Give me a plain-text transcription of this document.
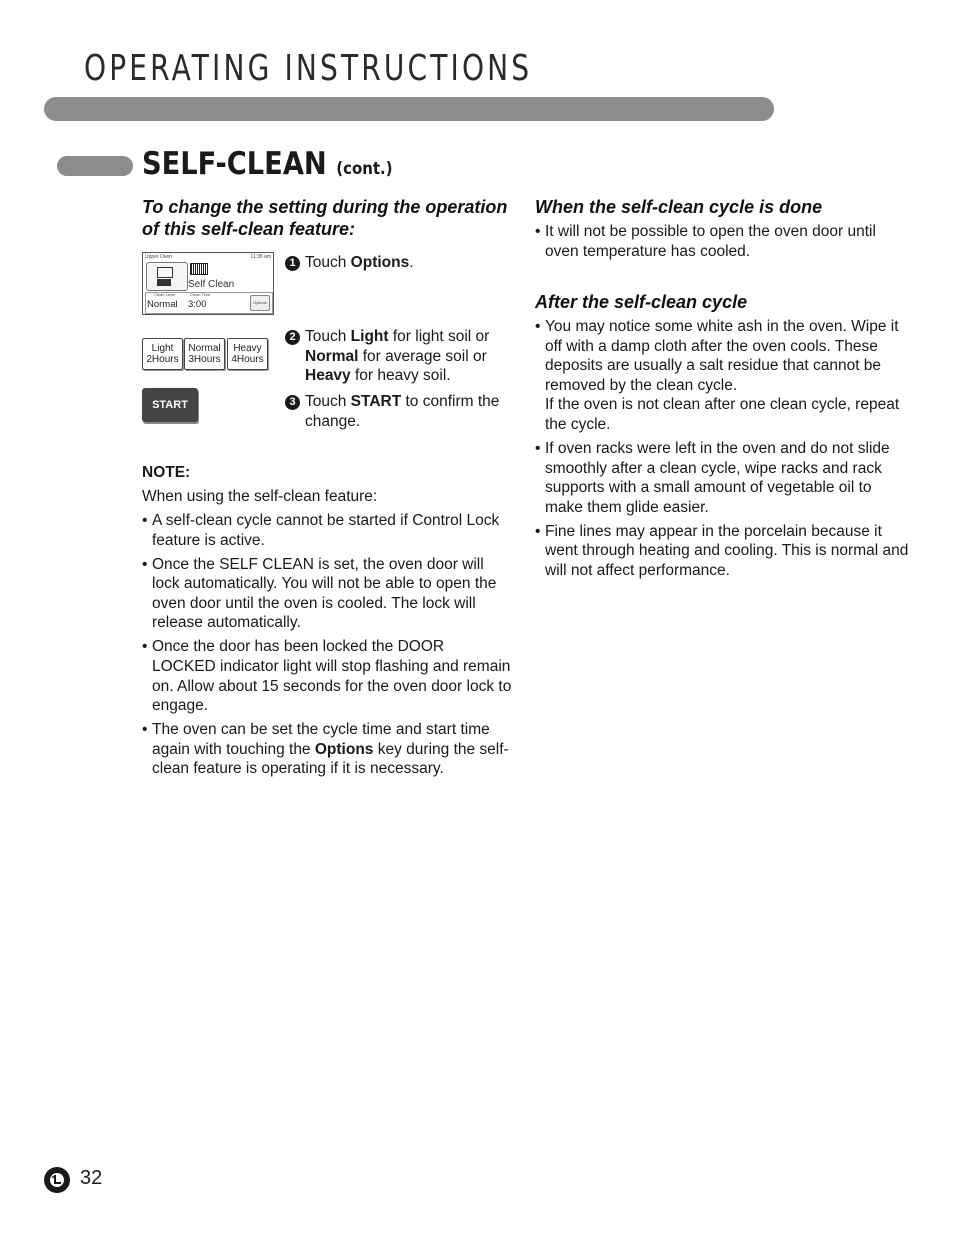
OPERATING INSTRUCTIONS
SELF-CLEAN (cont.)
To change the setting during the operation of this self-clean feature:
Upper Oven	11:35 am
Self Clean
Clean Level	Clean Time
Normal 3:00	Options
Light
2Hours
Normal
3Hours
Heavy
4Hours
START
1 Touch Options.
2 Touch Light for light soil or
Normal for average soil or
Heavy for heavy soil.
3 Touch START to confirm the
change.
NOTE:
When using the self-clean feature:
• A self-clean cycle cannot be started if Control Lock feature is active.
• Once the SELF CLEAN is set, the oven door will lock automatically. You will not be able to open the oven door until the oven is cooled. The lock will release automatically.
• Once the door has been locked the DOOR LOCKED indicator light will stop flashing and remain on. Allow about 15 seconds for the oven door lock to engage.
• The oven can be set the cycle time and start time again with touching the Options key during the self-clean feature is operating if it is necessary.
When the self-clean cycle is done
• It will not be possible to open the oven door until oven temperature has cooled.
After the self-clean cycle
• You may notice some white ash in the oven. Wipe it off with a damp cloth after the oven cools. These deposits are usually a salt residue that cannot be removed by the clean cycle.
If the oven is not clean after one clean cycle, repeat the cycle.
• If oven racks were left in the oven and do not slide smoothly after a clean cycle, wipe racks and rack supports with a small amount of vegetable oil to make them glide easier.
• Fine lines may appear in the porcelain because it went through heating and cooling. This is normal and will not affect performance.
32
